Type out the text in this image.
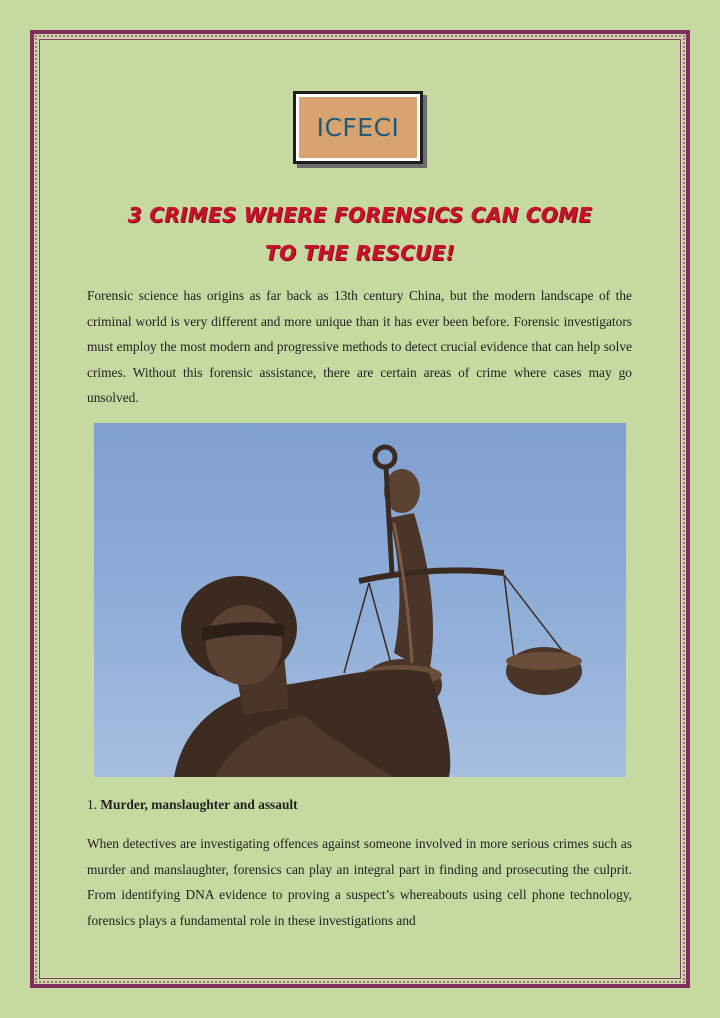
ICFECI
3 CRIMES WHERE FORENSICS CAN COME
TO THE RESCUE!
Forensic science has origins as far back as 13th century China, but the modern landscape of the criminal world is very different and more unique than it has ever been before. Forensic investigators must employ the most modern and progressive methods to detect crucial evidence that can help solve crimes. Without this forensic assistance, there are certain areas of crime where cases may go unsolved.
1. Murder, manslaughter and assault
When detectives are investigating offences against someone involved in more serious crimes such as murder and manslaughter, forensics can play an integral part in finding and prosecuting the culprit. From identifying DNA evidence to proving a suspect’s whereabouts using cell phone technology, forensics plays a fundamental role in these investigations and
